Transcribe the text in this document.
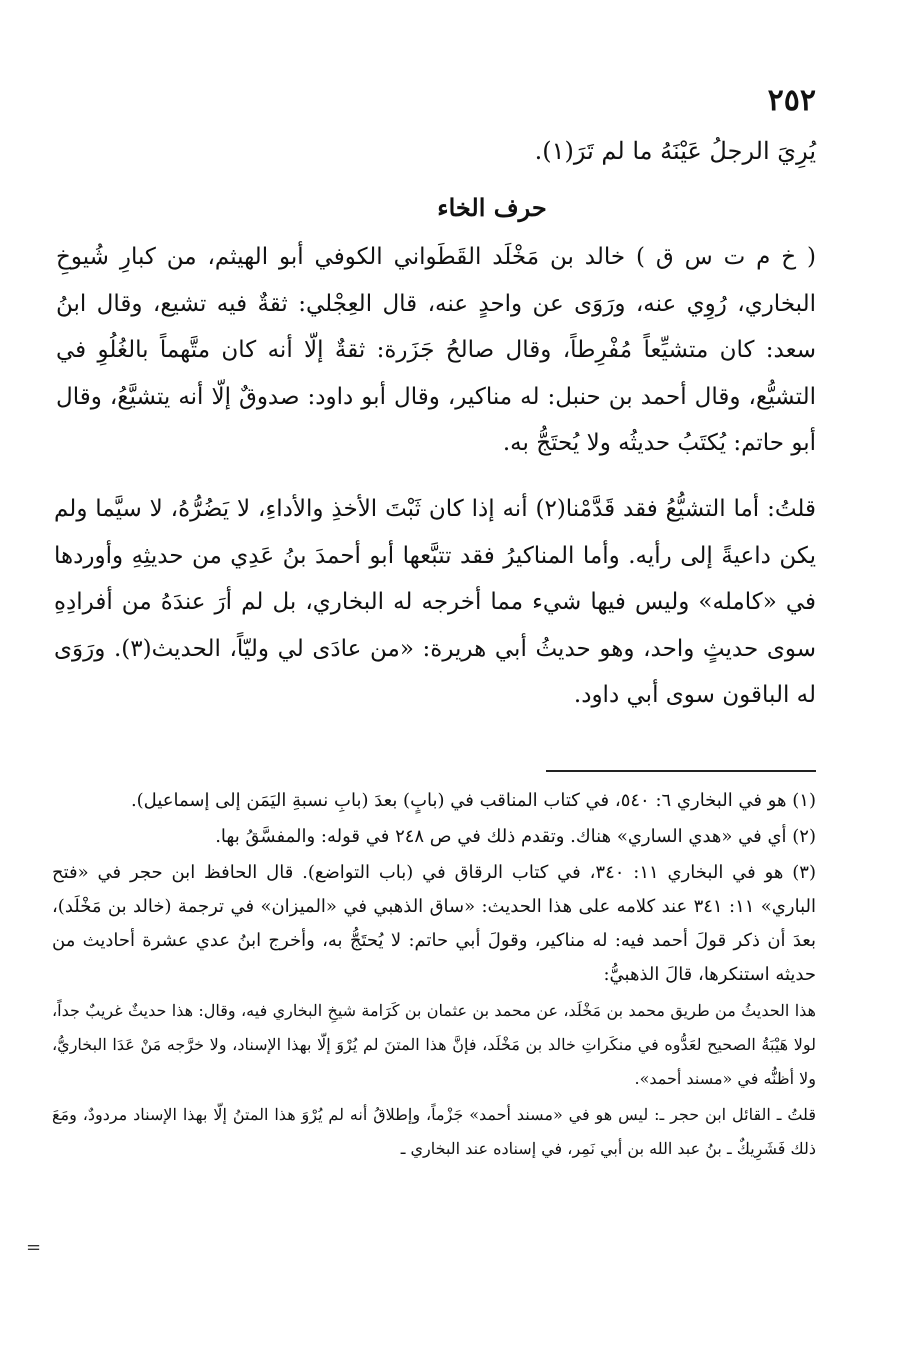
٢٥٢
يُرِيَ الرجلُ عَيْنَهُ ما لم تَرَ(١).
حرف الخاء
( خ م ت س ق ) خالد بن مَخْلَد القَطَواني الكوفي أبو الهيثم، من كبارِ شُيوخِ البخاري، رُوِي عنه، ورَوَى عن واحدٍ عنه، قال العِجْلي: ثقةٌ فيه تشيع، وقال ابنُ سعد: كان متشيِّعاً مُفْرِطاً، وقال صالحُ جَزَرة: ثقةٌ إلّا أنه كان متَّهماً بالغُلُوِ في التشيُّع، وقال أحمد بن حنبل: له مناكير، وقال أبو داود: صدوقٌ إلّا أنه يتشيَّعُ، وقال أبو حاتم: يُكتَبُ حديثُه ولا يُحتَجُّ به.
قلتُ: أما التشيُّعُ فقد قَدَّمْنا(٢) أنه إذا كان ثَبْتَ الأخذِ والأداءِ، لا يَضُرُّهُ، لا سيَّما ولم يكن داعيةً إلى رأيه. وأما المناكيرُ فقد تتبَّعها أبو أحمدَ بنُ عَدِي من حديثِهِ وأوردها في «كامله» وليس فيها شيء مما أخرجه له البخاري، بل لم أرَ عندَهُ من أفرادِهِ سوى حديثٍ واحد، وهو حديثُ أبي هريرة: «من عادَى لي وليّاً، الحديث(٣). ورَوَى له الباقون سوى أبي داود.

(١) هو في البخاري ٦: ٥٤٠، في كتاب المناقب في (بابٍ) بعدَ (بابِ نسبةِ اليَمَن إلى إسماعيل).

(٢) أي في «هدي الساري» هناك. وتقدم ذلك في ص ٢٤٨ في قوله: والمفسَّقُ بها.

(٣) هو في البخاري ١١: ٣٤٠، في كتاب الرقاق في (باب التواضع). قال الحافظ ابن حجر في «فتح الباري» ١١: ٣٤١ عند كلامه على هذا الحديث: «ساق الذهبي في «الميزان» في ترجمة (خالد بن مَخْلَد)، بعدَ أن ذكر قولَ أحمد فيه: له مناكير، وقولَ أبي حاتم: لا يُحتَجُّ به، وأخرج ابنُ عدي عشرة أحاديث من حديثه استنكرها، قالَ الذهبيُّ:

هذا الحديثُ من طريق محمد بن مَخْلَد، عن محمد بن عثمان بن كَرَامة شيخِ البخاري فيه، وقال: هذا حديثٌ غريبٌ جداً، لولا هَيْبَةُ الصحيح لعَدُّوه في منكَراتِ خالد بن مَخْلَد، فإنَّ هذا المتنَ لم يُرْوَ إلّا بهذا الإسناد، ولا خرَّجه مَنْ عَدَا البخاريُّ، ولا أظنُّه في «مسند أحمد».

قلتُ ـ القائل ابن حجر ـ: ليس هو في «مسند أحمد» جَزْماً، وإطلاقُ أنه لم يُرْوَ هذا المتنُ إلّا بهذا الإسناد مردودٌ، ومَعَ ذلك فَشَرِيكٌ ـ بنُ عبد الله بن أبي نَمِر، في إسناده عند البخاري ـ

=
